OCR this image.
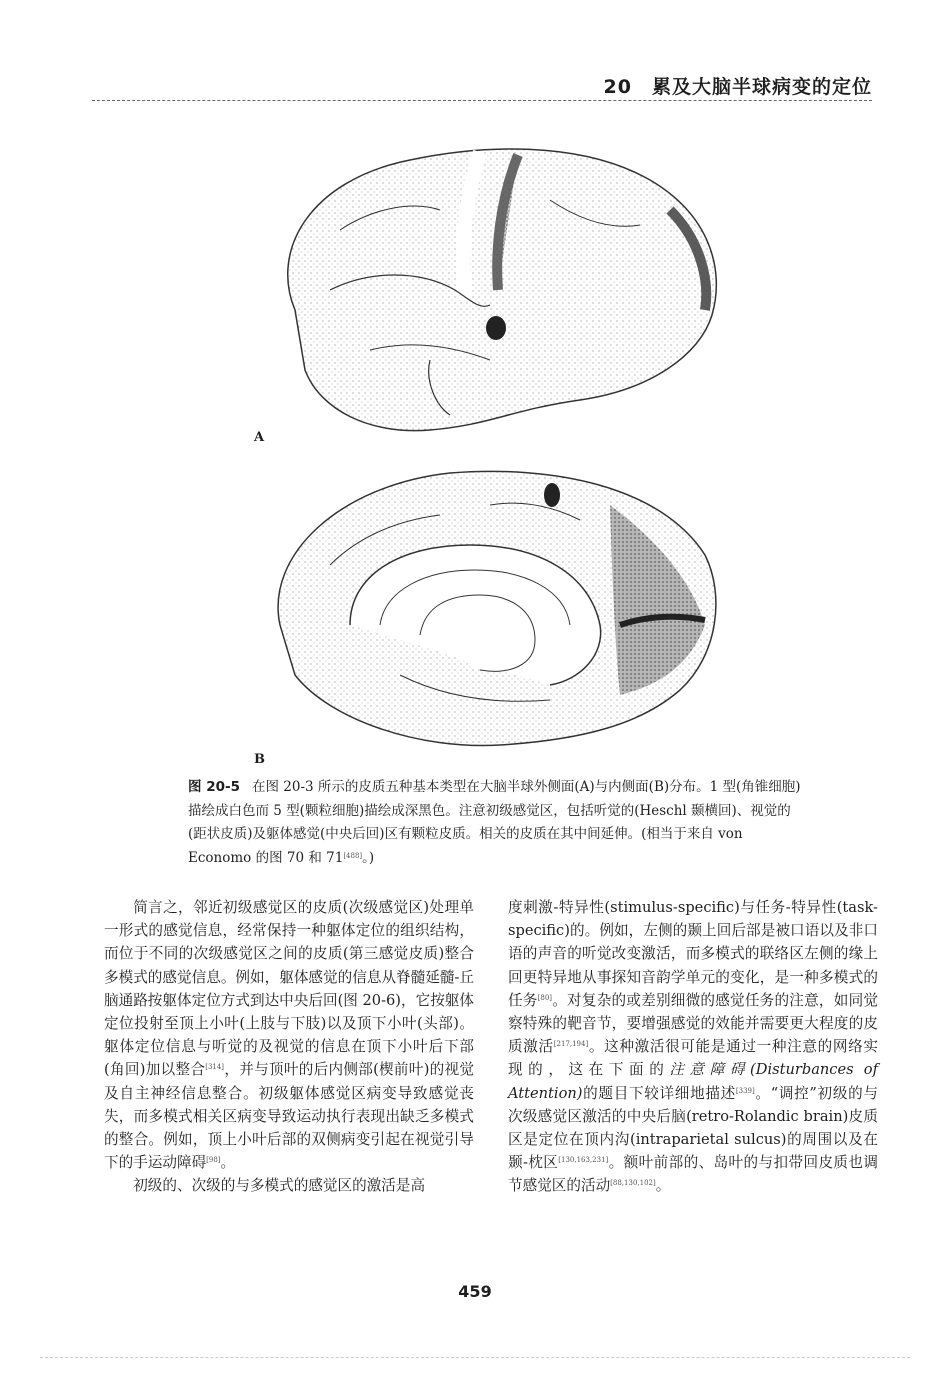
20　累及大脑半球病变的定位
A
B
图 20-5 在图 20-3 所示的皮质五种基本类型在大脑半球外侧面(A)与内侧面(B)分布。1 型(角锥细胞)描绘成白色而 5 型(颗粒细胞)描绘成深黑色。注意初级感觉区，包括听觉的(Heschl 颞横回)、视觉的(距状皮质)及躯体感觉(中央后回)区有颗粒皮质。相关的皮质在其中间延伸。(相当于来自 von Economo 的图 70 和 71[488]。)

简言之，邻近初级感觉区的皮质(次级感觉区)处理单一形式的感觉信息，经常保持一种躯体定位的组织结构，而位于不同的次级感觉区之间的皮质(第三感觉皮质)整合多模式的感觉信息。例如，躯体感觉的信息从脊髓延髓-丘脑通路按躯体定位方式到达中央后回(图 20-6)，它按躯体定位投射至顶上小叶(上肢与下肢)以及顶下小叶(头部)。躯体定位信息与听觉的及视觉的信息在顶下小叶后下部(角回)加以整合[314]，并与顶叶的后内侧部(楔前叶)的视觉及自主神经信息整合。初级躯体感觉区病变导致感觉丧失，而多模式相关区病变导致运动执行表现出缺乏多模式的整合。例如，顶上小叶后部的双侧病变引起在视觉引导下的手运动障碍[98]。

初级的、次级的与多模式的感觉区的激活是高

度刺激-特异性(stimulus-specific)与任务-特异性(task-specific)的。例如，左侧的颞上回后部是被口语以及非口语的声音的听觉改变激活，而多模式的联络区左侧的缘上回更特异地从事探知音韵学单元的变化，是一种多模式的任务[80]。对复杂的或差别细微的感觉任务的注意，如同觉察特殊的靶音节，要增强感觉的效能并需要更大程度的皮质激活[217,194]。这种激活很可能是通过一种注意的网络实现的，这在下面的注意障碍(Disturbances of Attention)的题目下较详细地描述[339]。“调控”初级的与次级感觉区激活的中央后脑(retro-Rolandic brain)皮质区是定位在顶内沟(intraparietal sulcus)的周围以及在颞-枕区[130,163,231]。额叶前部的、岛叶的与扣带回皮质也调节感觉区的活动[88,130,102]。

459
